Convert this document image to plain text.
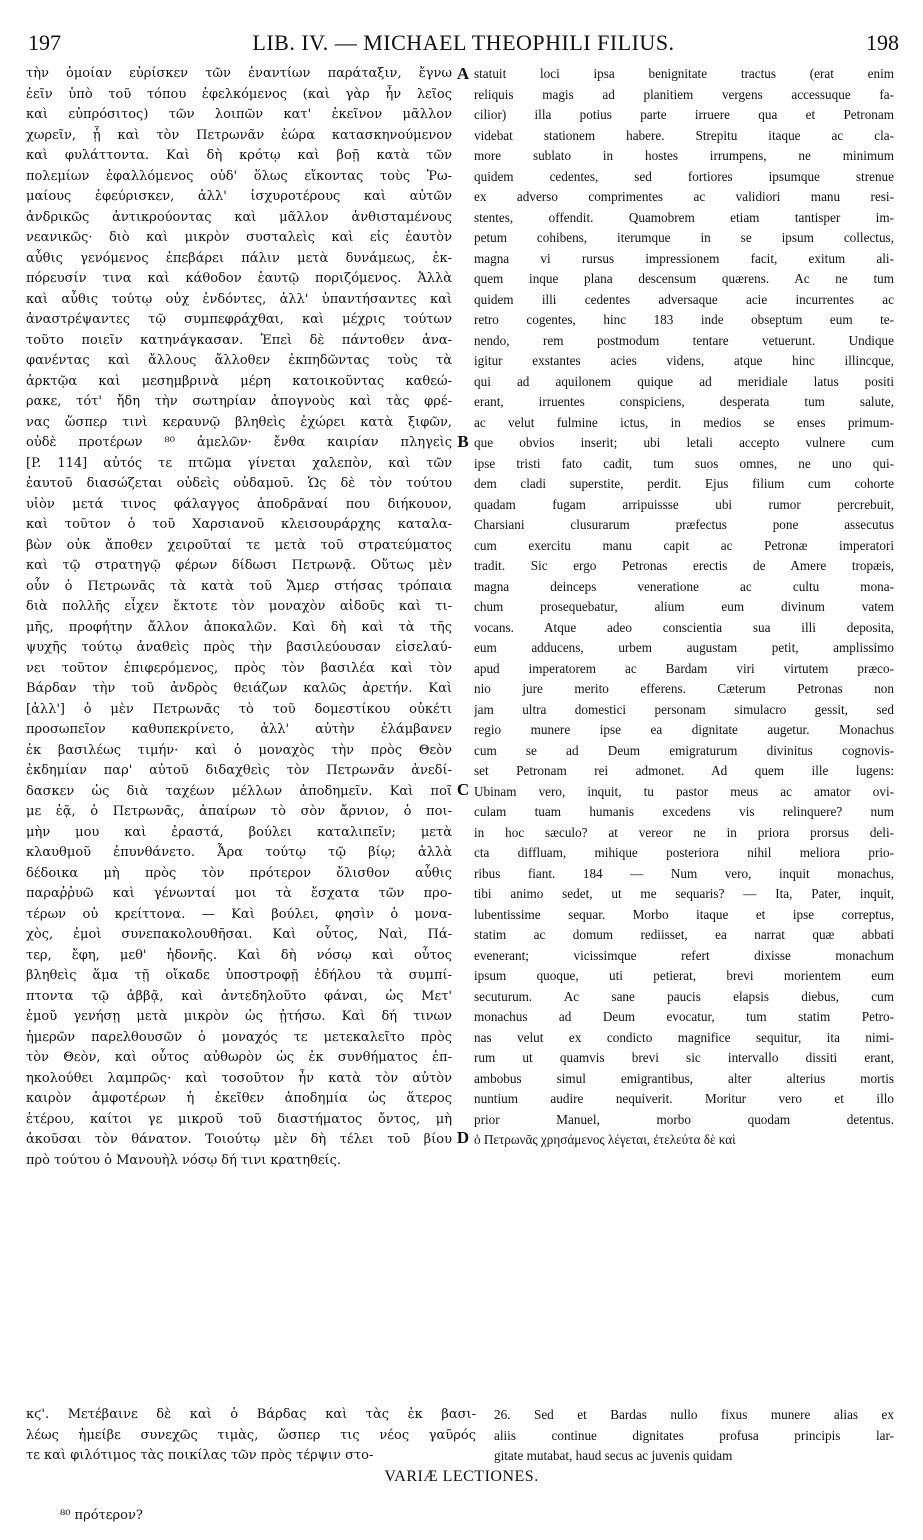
197	LIB. IV. — MICHAEL THEOPHILI FILIUS.	198
τὴν ὁμοίαν εὑρίσκεν τῶν ἐναντίων παράταξιν, ἔγνω
ἐεῖν ὑπὸ τοῦ τόπου ἐφελκόμενος (καὶ γὰρ ἦν λεῖος
καὶ εὐπρόσιτος) τῶν λοιπῶν κατ' ἐκεῖνον μᾶλλον
χωρεῖν, ᾗ καὶ τὸν Πετρωνᾶν ἑώρα κατασκηνούμενον
καὶ φυλάττοντα. Καὶ δὴ κρότῳ καὶ βοῇ κατὰ τῶν
πολεμίων ἐφαλλόμενος οὐδ' ὅλως εἴκοντας τοὺς Ῥω-
μαίους ἐφεύρισκεν, ἀλλ' ἰσχυροτέρους καὶ αὐτῶν
ἀνδρικῶς ἀντικρούοντας καὶ μᾶλλον ἀνθισταμένους
νεανικῶς· διὸ καὶ μικρὸν συσταλεὶς καὶ εἰς ἑαυτὸν
αὖθις γενόμενος ἐπεβάρει πάλιν μετὰ δυνάμεως, ἐκ-
πόρευσίν τινα καὶ κάθοδον ἑαυτῷ ποριζόμενος. Ἀλλὰ
καὶ αὖθις τούτῳ οὐχ ἐνδόντες, ἀλλ' ὑπαντήσαντες καὶ
ἀναστρέψαντες τῷ συμπεφράχθαι, καὶ μέχρις τούτων
τοῦτο ποιεῖν κατηνάγκασαν. Ἐπεὶ δὲ πάντοθεν ἀνα-
φανέντας καὶ ἄλλους ἄλλοθεν ἐκπηδῶντας τοὺς τὰ
ἀρκτῷα καὶ μεσημβρινὰ μέρη κατοικοῦντας καθεώ-
ρακε, τότ' ἤδη τὴν σωτηρίαν ἀπογνοὺς καὶ τὰς φρέ-
νας ὥσπερ τινὶ κεραυνῷ βληθεὶς ἐχώρει κατὰ ξιφῶν,
οὐδὲ προτέρων ⁸⁰ ἀμελῶν· ἔνθα καιρίαν πληγεὶς
[P. 114] αὐτός τε πτῶμα γίνεται χαλεπὸν, καὶ τῶν
ἑαυτοῦ διασώζεται οὐδεὶς οὐδαμοῦ. Ὡς δὲ τὸν τούτου
υἱὸν μετά τινος φάλαγγος ἀποδρᾶναί που διήκουον,
καὶ τοῦτον ὁ τοῦ Χαρσιανοῦ κλεισουράρχης καταλα-
βὼν οὐκ ἄποθεν χειροῦταί τε μετὰ τοῦ στρατεύματος
καὶ τῷ στρατηγῷ φέρων δίδωσι Πετρωνᾷ. Οὕτως μὲν
οὖν ὁ Πετρωνᾶς τὰ κατὰ τοῦ Ἄμερ στήσας τρόπαια
διὰ πολλῆς εἶχεν ἔκτοτε τὸν μοναχὸν αἰδοῦς καὶ τι-
μῆς, προφήτην ἄλλον ἀποκαλῶν. Καὶ δὴ καὶ τὰ τῆς
ψυχῆς τούτῳ ἀναθεὶς πρὸς τὴν βασιλεύουσαν εἰσελαύ-
νει τοῦτον ἐπιφερόμενος, πρὸς τὸν βασιλέα καὶ τὸν
Βάρδαν τὴν τοῦ ἀνδρὸς θειάζων καλῶς ἀρετήν. Καὶ
[ἀλλ'] ὁ μὲν Πετρωνᾶς τὸ τοῦ δομεστίκου οὐκέτι
προσωπεῖον καθυπεκρίνετο, ἀλλ' αὐτὴν ἐλάμβανεν
ἐκ βασιλέως τιμήν· καὶ ὁ μοναχὸς τὴν πρὸς Θεὸν
ἐκδημίαν παρ' αὐτοῦ διδαχθεὶς τὸν Πετρωνᾶν ἀνεδί-
δασκεν ὡς διὰ ταχέων μέλλων ἀποδημεῖν. Καὶ ποῖ
με ἐᾷ, ὁ Πετρωνᾶς, ἀπαίρων τὸ σὸν ἄρνιον, ὁ ποι-
μὴν μου καὶ ἐραστά, βούλει καταλιπεῖν; μετὰ
κλαυθμοῦ ἐπυνθάνετο. Ἆρα τούτῳ τῷ βίῳ; ἀλλὰ
δέδοικα μὴ πρὸς τὸν πρότερον ὄλισθον αὖθις
παραῤῥυῶ καὶ γένωνταί μοι τὰ ἔσχατα τῶν πρo-
τέρων οὐ κρείττονα. — Καὶ βούλει, φησὶν ὁ μονα-
χὸς, ἐμοὶ συνεπακολουθῆσαι. Καὶ οὗτος, Ναὶ, Πά-
τερ, ἔφη, μεθ' ἡδονῆς. Καὶ δὴ νόσῳ καὶ οὗτος
βληθεὶς ἅμα τῇ οἴκαδε ὑποστροφῇ ἐδήλου τὰ συμπί-
πτοντα τῷ ἀββᾷ, καὶ ἀντεδηλοῦτο φάναι, ὡς Μετ'
ἐμοῦ γενήσῃ μετὰ μικρὸν ὡς ᾐτήσω. Καὶ δή τινων
ἡμερῶν παρελθουσῶν ὁ μοναχός τε μετεκαλεῖτο πρὸς
τὸν Θεὸν, καὶ οὗτος αὐθωρὸν ὡς ἐκ συνθήματος ἐπ-
ηκολούθει λαμπρῶς· καὶ τοσοῦτον ἦν κατὰ τὸν αὐτὸν
καιρὸν ἀμφοτέρων ἡ ἐκεῖθεν ἀποδημία ὡς ἅτερος
ἑτέρου, καίτοι γε μικροῦ τοῦ διαστήματος ὄντος, μὴ
ἀκοῦσαι τὸν θάνατον. Τοιούτῳ μὲν δὴ τέλει τοῦ βίου
πρὸ τούτου ὁ Μανουὴλ νόσῳ δή τινι κρατηθείς.
statuit loci ipsa benignitate tractus (erat enim
reliquis magis ad planitiem vergens accessuque fa-
cilior) illa potius parte irruere qua et Petronam
videbat stationem habere. Strepitu itaque ac cla-
more sublato in hostes irrumpens, ne minimum
quidem cedentes, sed fortiores ipsumque strenue
ex adverso comprimentes ac validiori manu resi-
stentes, offendit. Quamobrem etiam tantisper im-
petum cohibens, iterumque in se ipsum collectus,
magna vi rursus impressionem facit, exitum ali-
quem inque plana descensum quærens. Ac ne tum
quidem illi cedentes adversaque acie incurrentes ac
retro cogentes, hinc 183 inde obseptum eum te-
nendo, rem postmodum tentare vetuerunt. Undique
igitur exstantes acies videns, atque hinc illincque,
qui ad aquilonem quique ad meridiale latus positi
erant, irruentes conspiciens, desperata tum salute,
ac velut fulmine ictus, in medios se enses primum-
que obvios inserit; ubi letali accepto vulnere cum
ipse tristi fato cadit, tum suos omnes, ne uno qui-
dem cladi superstite, perdit. Ejus filium cum cohorte
quadam fugam arripuissse ubi rumor percrebuit,
Charsiani clusurarum præfectus pone assecutus
cum exercitu manu capit ac Petronæ imperatori
tradit. Sic ergo Petronas erectis de Amere tropæis,
magna deinceps veneratione ac cultu mona-
chum prosequebatur, alium eum divinum vatem
vocans. Atque adeo conscientia sua illi deposita,
eum adducens, urbem augustam petit, amplissimo
apud imperatorem ac Bardam viri virtutem præco-
nio jure merito efferens. Cæterum Petronas non
jam ultra domestici personam simulacro gessit, sed
regio munere ipse ea dignitate augetur. Monachus
cum se ad Deum emigraturum divinitus cognovis-
set Petronam rei admonet. Ad quem ille lugens:
Ubinam vero, inquit, tu pastor meus ac amator ovi-
culam tuam humanis excedens vis relinquere? num
in hoc sæculo? at vereor ne in priora prorsus deli-
cta diffluam, mihique posteriora nihil meliora prio-
ribus fiant. 184 — Num vero, inquit monachus,
tibi animo sedet, ut me sequaris? — Ita, Pater, inquit,
lubentissime sequar. Morbo itaque et ipse correptus,
statim ac domum rediisset, ea narrat quæ abbati
evenerant; vicissimque refert dixisse monachum
ipsum quoque, uti petierat, brevi morientem eum
secuturum. Ac sane paucis elapsis diebus, cum
monachus ad Deum evocatur, tum statim Petro-
nas velut ex condicto magnifice sequitur, ita nimi-
rum ut quamvis brevi sic intervallo dissiti erant,
ambobus simul emigrantibus, alter alterius mortis
nuntium audire nequiverit. Moritur vero et illo
prior Manuel, morbo quodam detentus.
ὁ Πετρωνᾶς χρησάμενος λέγεται, ἐτελεύτα δὲ καὶ
A
B
C
D
κϛ'. Μετέβαινε δὲ καὶ ὁ Βάρδας καὶ τὰς ἐκ βασι-
λέως ἠμείβε συνεχῶς τιμὰς, ὥσπερ τις νέος γαῦρός
τε καὶ φιλότιμος τὰς ποικίλας τῶν πρὸς τέρψιν στο-
26. Sed et Bardas nullo fixus munere alias ex
aliis continue dignitates profusa principis lar-
gitate mutabat, haud secus ac juvenis quidam
VARIÆ LECTIONES.
⁸⁰ πρότερον?
